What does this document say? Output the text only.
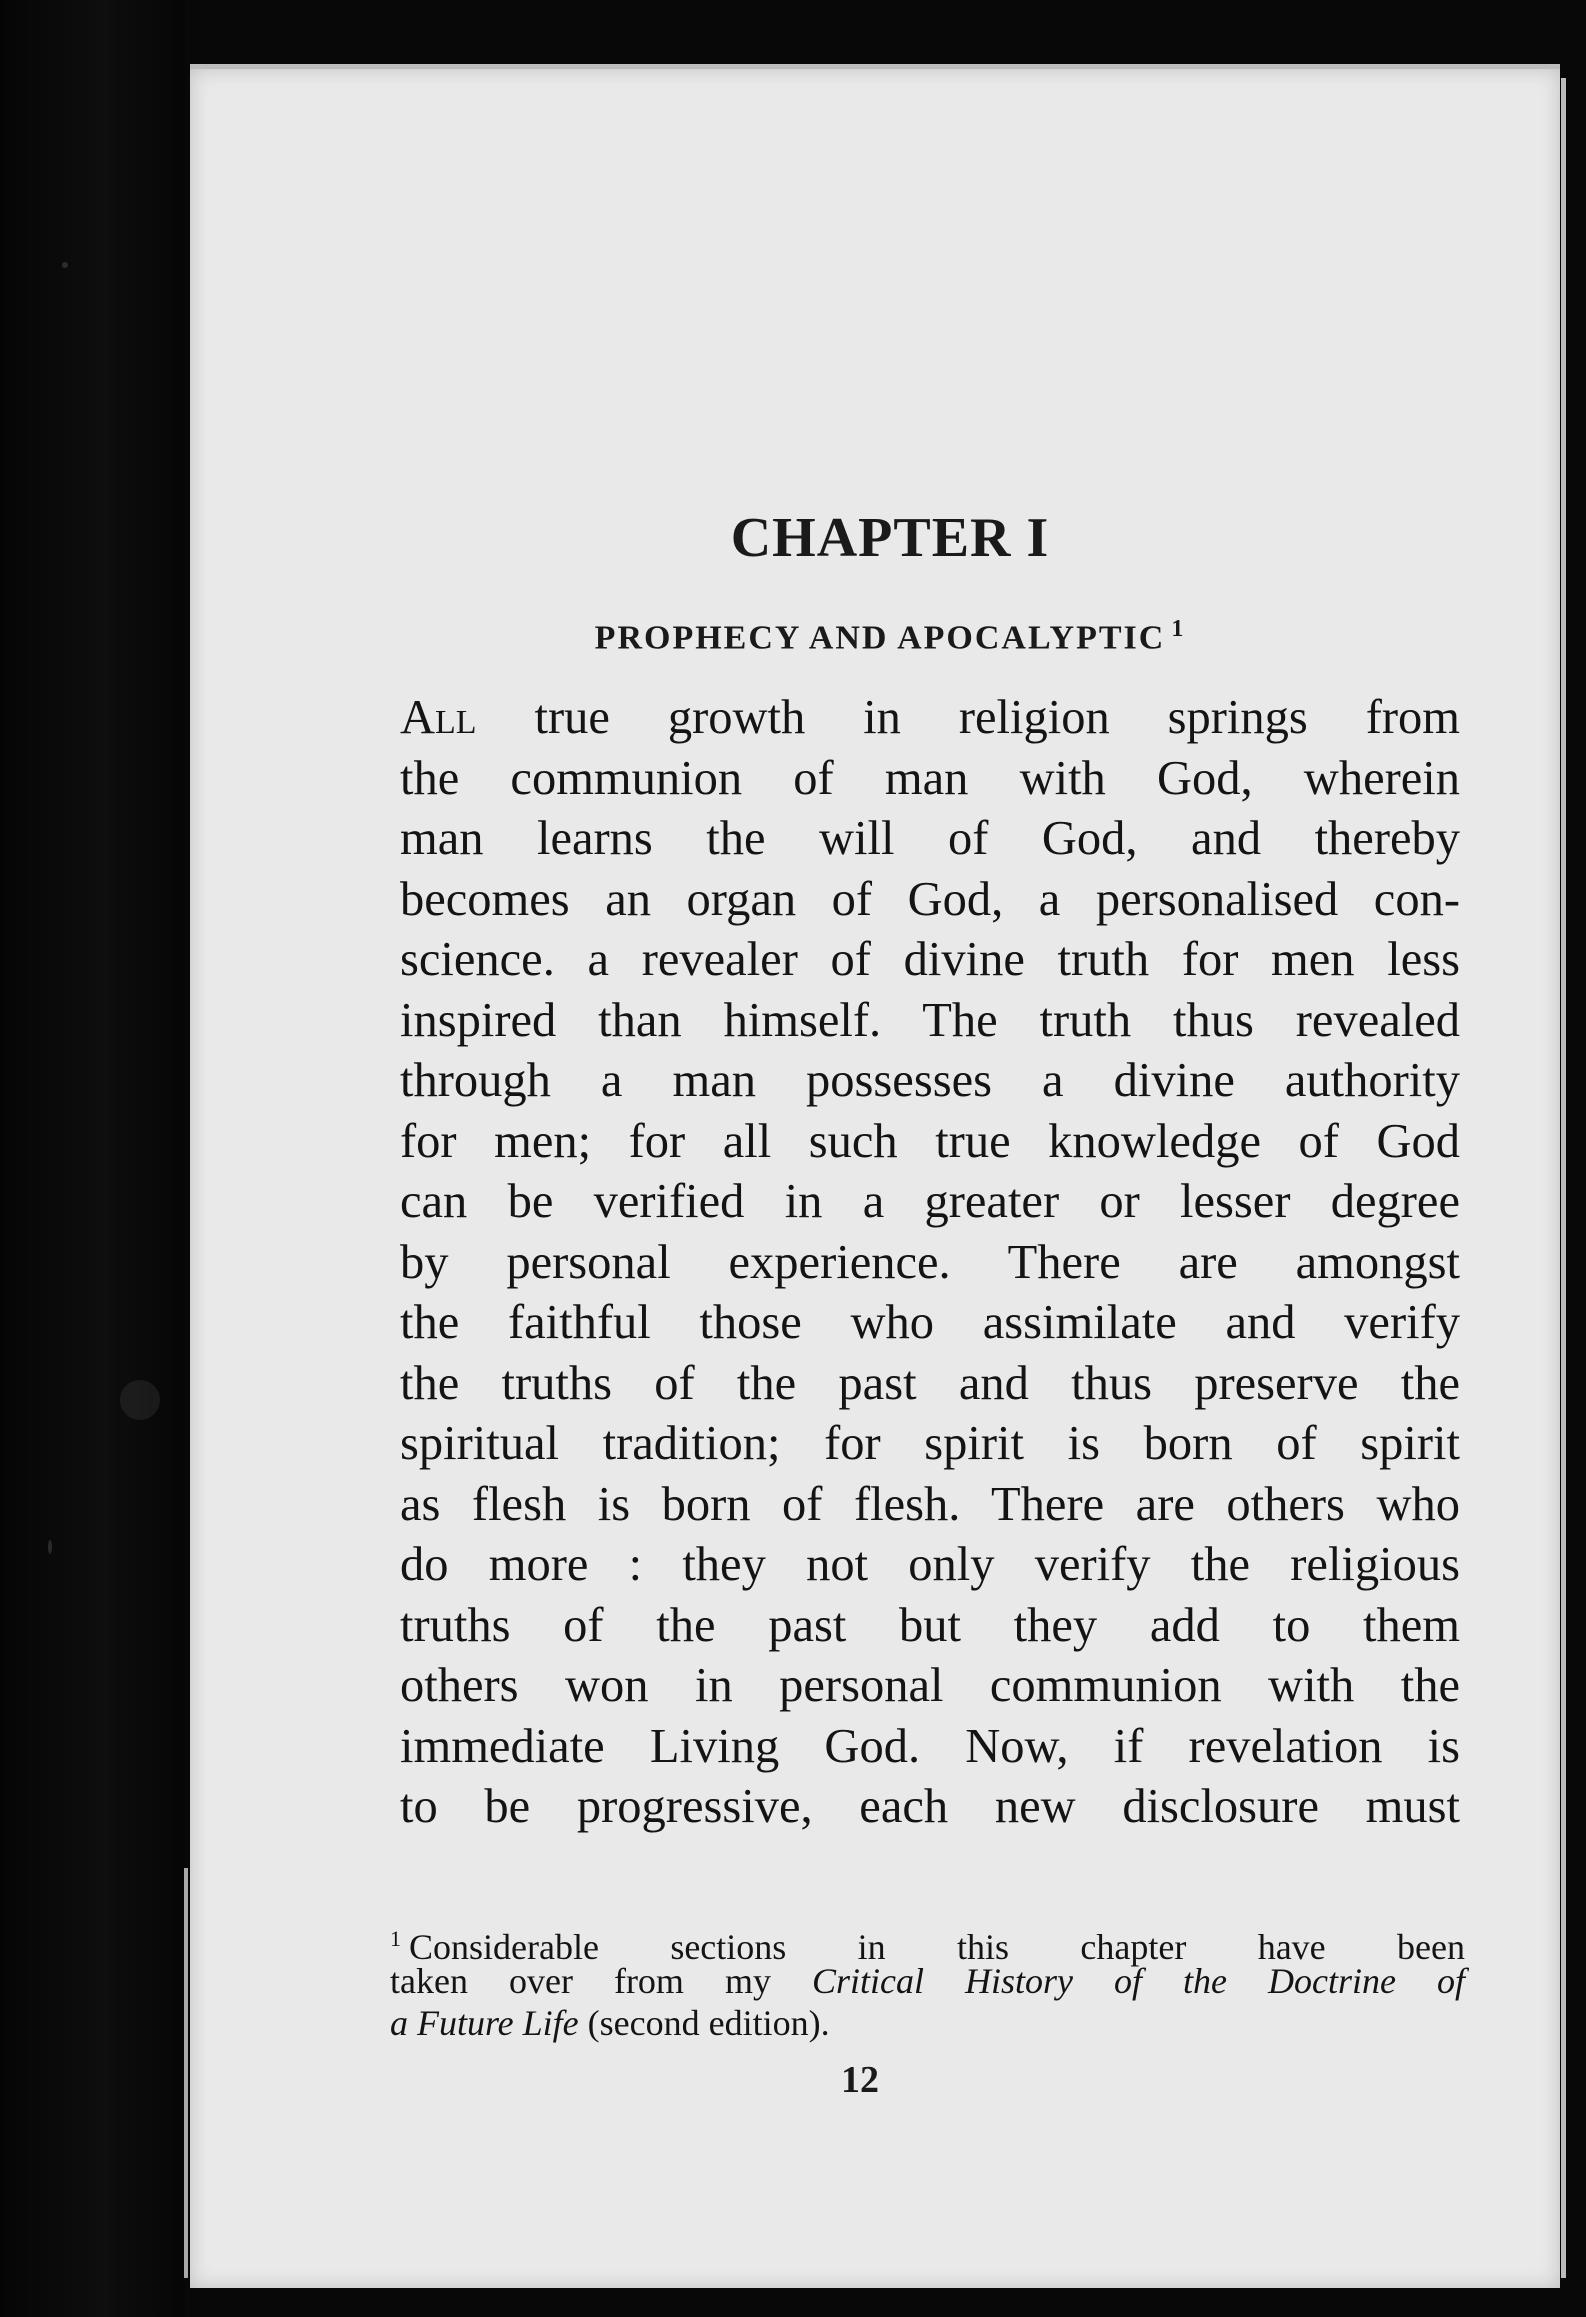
CHAPTER I
PROPHECY AND APOCALYPTIC $^1$
All true growth in religion springs from
the communion of man with God, wherein
man learns the will of God, and thereby
becomes an organ of God, a personalised con-
science. a revealer of divine truth for men less
inspired than himself. The truth thus revealed
through a man possesses a divine authority
for men; for all such true knowledge of God
can be verified in a greater or lesser degree
by personal experience. There are amongst
the faithful those who assimilate and verify
the truths of the past and thus preserve the
spiritual tradition; for spirit is born of spirit
as flesh is born of flesh. There are others who
do more : they not only verify the religious
truths of the past but they add to them
others won in personal communion with the
immediate Living God. Now, if revelation is
to be progressive, each new disclosure must
$^1$ Considerable sections in this chapter have been
taken over from my Critical History of the Doctrine of
a Future Life (second edition).
12
